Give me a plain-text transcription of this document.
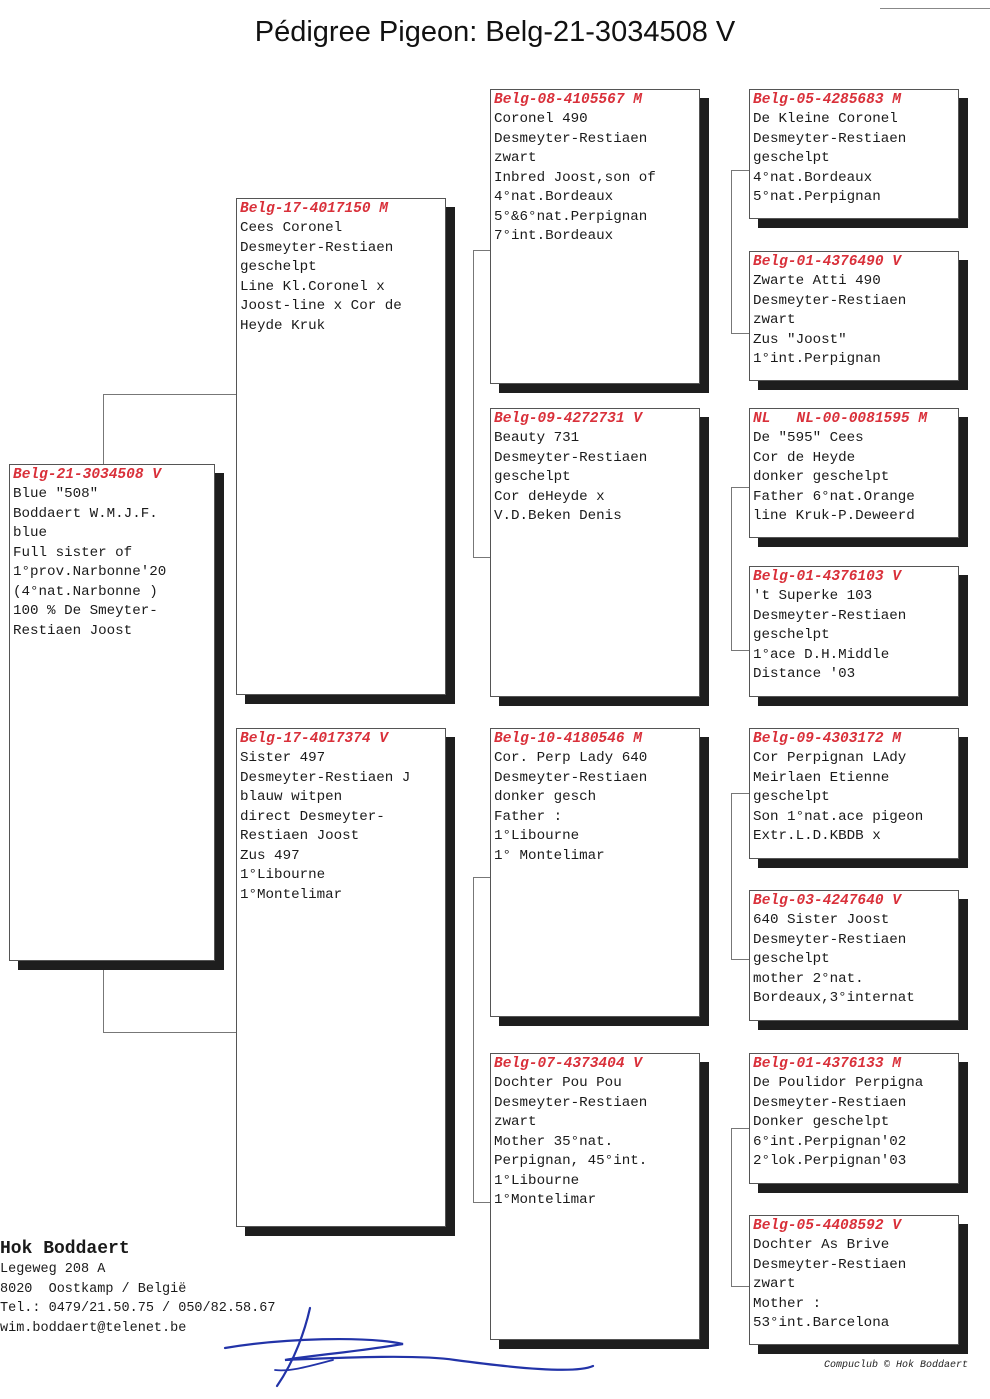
Pédigree Pigeon: Belg-21-3034508 V
Belg-21-3034508 V
Blue "508"
Boddaert W.M.J.F.
blue
Full sister of
1°prov.Narbonne'20
(4°nat.Narbonne )
100 % De Smeyter-
Restiaen Joost
Belg-17-4017150 M
Cees Coronel
Desmeyter-Restiaen
geschelpt
Line Kl.Coronel x
Joost-line x Cor de
Heyde Kruk
Belg-17-4017374 V
Sister 497
Desmeyter-Restiaen J
blauw witpen
direct Desmeyter-
Restiaen Joost
Zus 497
1°Libourne
1°Montelimar
Belg-08-4105567 M
Coronel 490
Desmeyter-Restiaen
zwart
Inbred Joost,son of
4°nat.Bordeaux
5°&6°nat.Perpignan
7°int.Bordeaux
Belg-09-4272731 V
Beauty 731
Desmeyter-Restiaen
geschelpt
Cor deHeyde x
V.D.Beken Denis
Belg-10-4180546 M
Cor. Perp Lady 640
Desmeyter-Restiaen
donker gesch
Father :
1°Libourne
1° Montelimar
Belg-07-4373404 V
Dochter Pou Pou
Desmeyter-Restiaen
zwart
Mother 35°nat.
Perpignan, 45°int.
1°Libourne
1°Montelimar
Belg-05-4285683 M
De Kleine Coronel
Desmeyter-Restiaen
geschelpt
4°nat.Bordeaux
5°nat.Perpignan
Belg-01-4376490 V
Zwarte Atti 490
Desmeyter-Restiaen
zwart
Zus "Joost"
1°int.Perpignan
NL   NL-00-0081595 M
De "595" Cees
Cor de Heyde
donker geschelpt
Father 6°nat.Orange
line Kruk-P.Deweerd
Belg-01-4376103 V
't Superke 103
Desmeyter-Restiaen
geschelpt
1°ace D.H.Middle
Distance '03
Belg-09-4303172 M
Cor Perpignan LAdy
Meirlaen Etienne
geschelpt
Son 1°nat.ace pigeon
Extr.L.D.KBDB x
Belg-03-4247640 V
640 Sister Joost
Desmeyter-Restiaen
geschelpt
mother 2°nat.
Bordeaux,3°internat
Belg-01-4376133 M
De Poulidor Perpigna
Desmeyter-Restiaen
Donker geschelpt
6°int.Perpignan'02
2°lok.Perpignan'03
Belg-05-4408592 V
Dochter As Brive
Desmeyter-Restiaen
zwart
Mother :
53°int.Barcelona
Hok Boddaert
Legeweg 208 A
8020  Oostkamp / België
Tel.: 0479/21.50.75 / 050/82.58.67
wim.boddaert@telenet.be
Compuclub © Hok Boddaert
